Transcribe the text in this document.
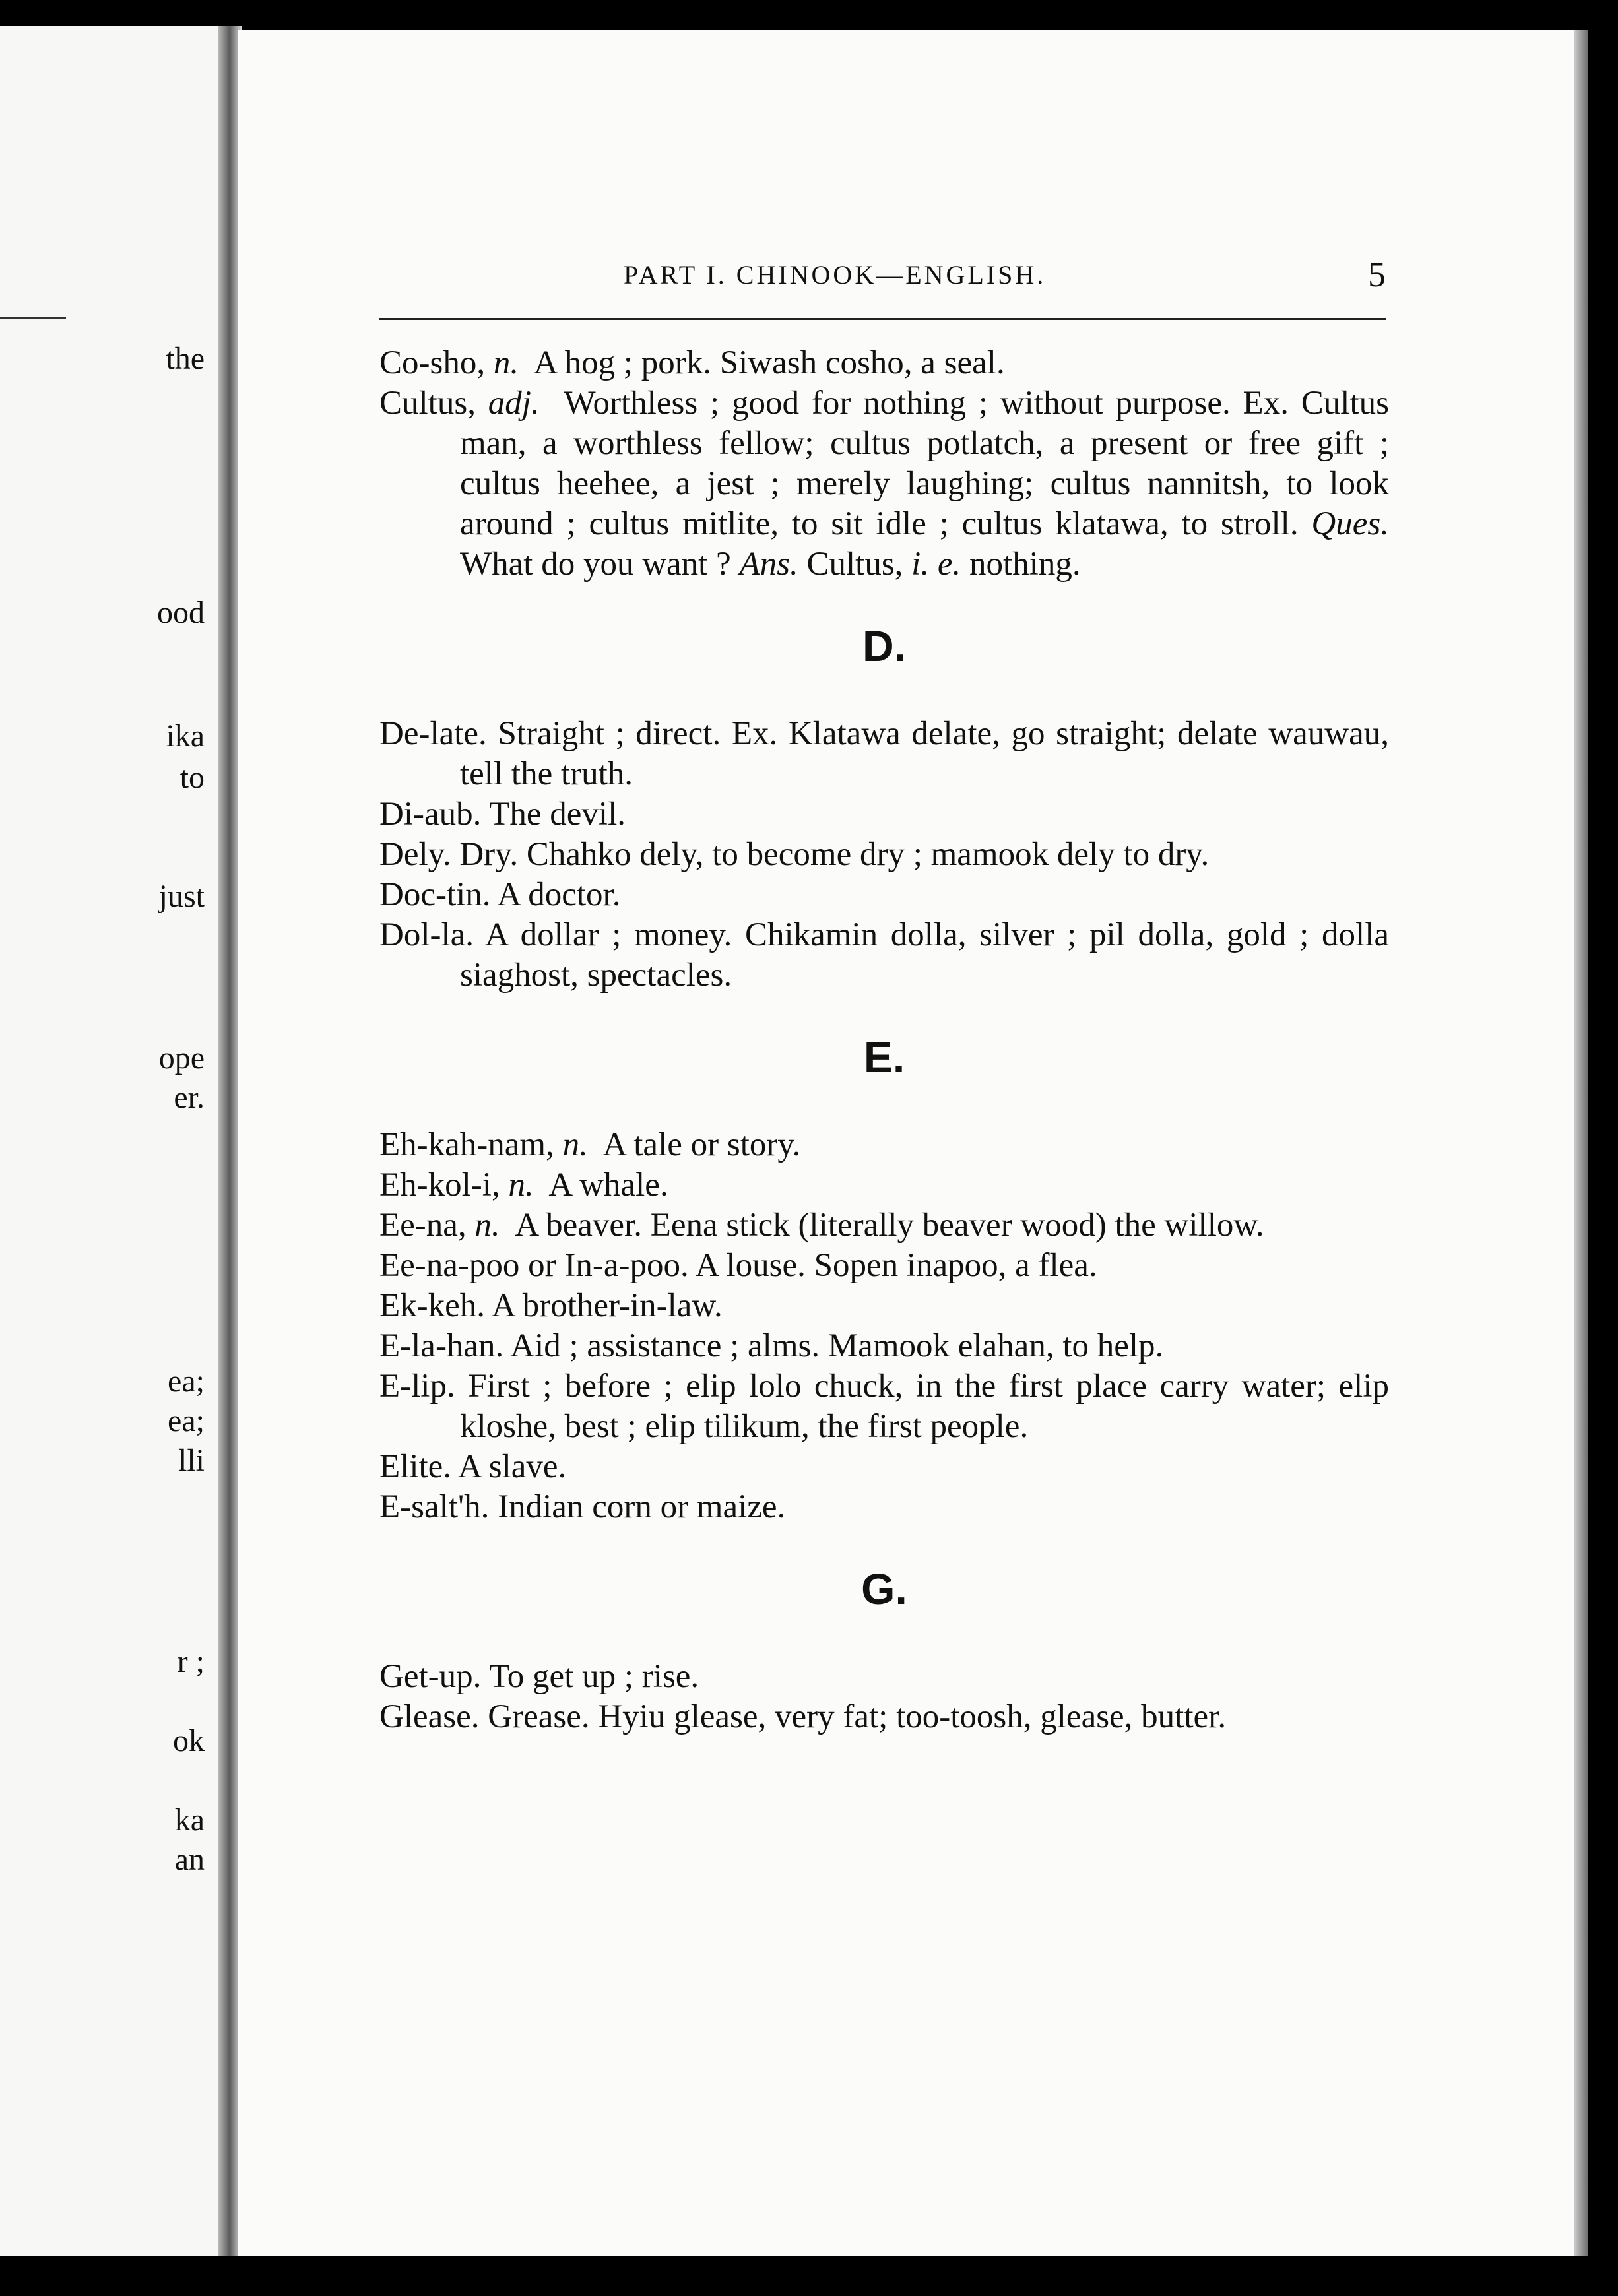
the
ood
ika
to
just
ope
er.
ea;
ea;
lli
r ;
ok
ka
an
PART I. CHINOOK—ENGLISH.	5

Co-sho, n. A hog ; pork. Siwash cosho, a seal.

Cultus, adj. Worthless ; good for nothing ; without purpose. Ex. Cultus man, a worthless fellow; cultus potlatch, a present or free gift ; cultus heehee, a jest ; merely laughing; cultus nannitsh, to look around ; cultus mitlite, to sit idle ; cultus klatawa, to stroll. Ques. What do you want ? Ans. Cultus, i. e. nothing.

D.

De-late. Straight ; direct. Ex. Klatawa delate, go straight; delate wauwau, tell the truth.

Di-aub. The devil.

Dely. Dry. Chahko dely, to become dry ; mamook dely to dry.

Doc-tin. A doctor.

Dol-la. A dollar ; money. Chikamin dolla, silver ; pil dolla, gold ; dolla siaghost, spectacles.

E.

Eh-kah-nam, n. A tale or story.

Eh-kol-i, n. A whale.

Ee-na, n. A beaver. Eena stick (literally beaver wood) the willow.

Ee-na-poo or In-a-poo. A louse. Sopen inapoo, a flea.

Ek-keh. A brother-in-law.

E-la-han. Aid ; assistance ; alms. Mamook elahan, to help.

E-lip. First ; before ; elip lolo chuck, in the first place carry water; elip kloshe, best ; elip tilikum, the first people.

Elite. A slave.

E-salt'h. Indian corn or maize.

G.

Get-up. To get up ; rise.

Glease. Grease. Hyiu glease, very fat; too-toosh, glease, butter.
